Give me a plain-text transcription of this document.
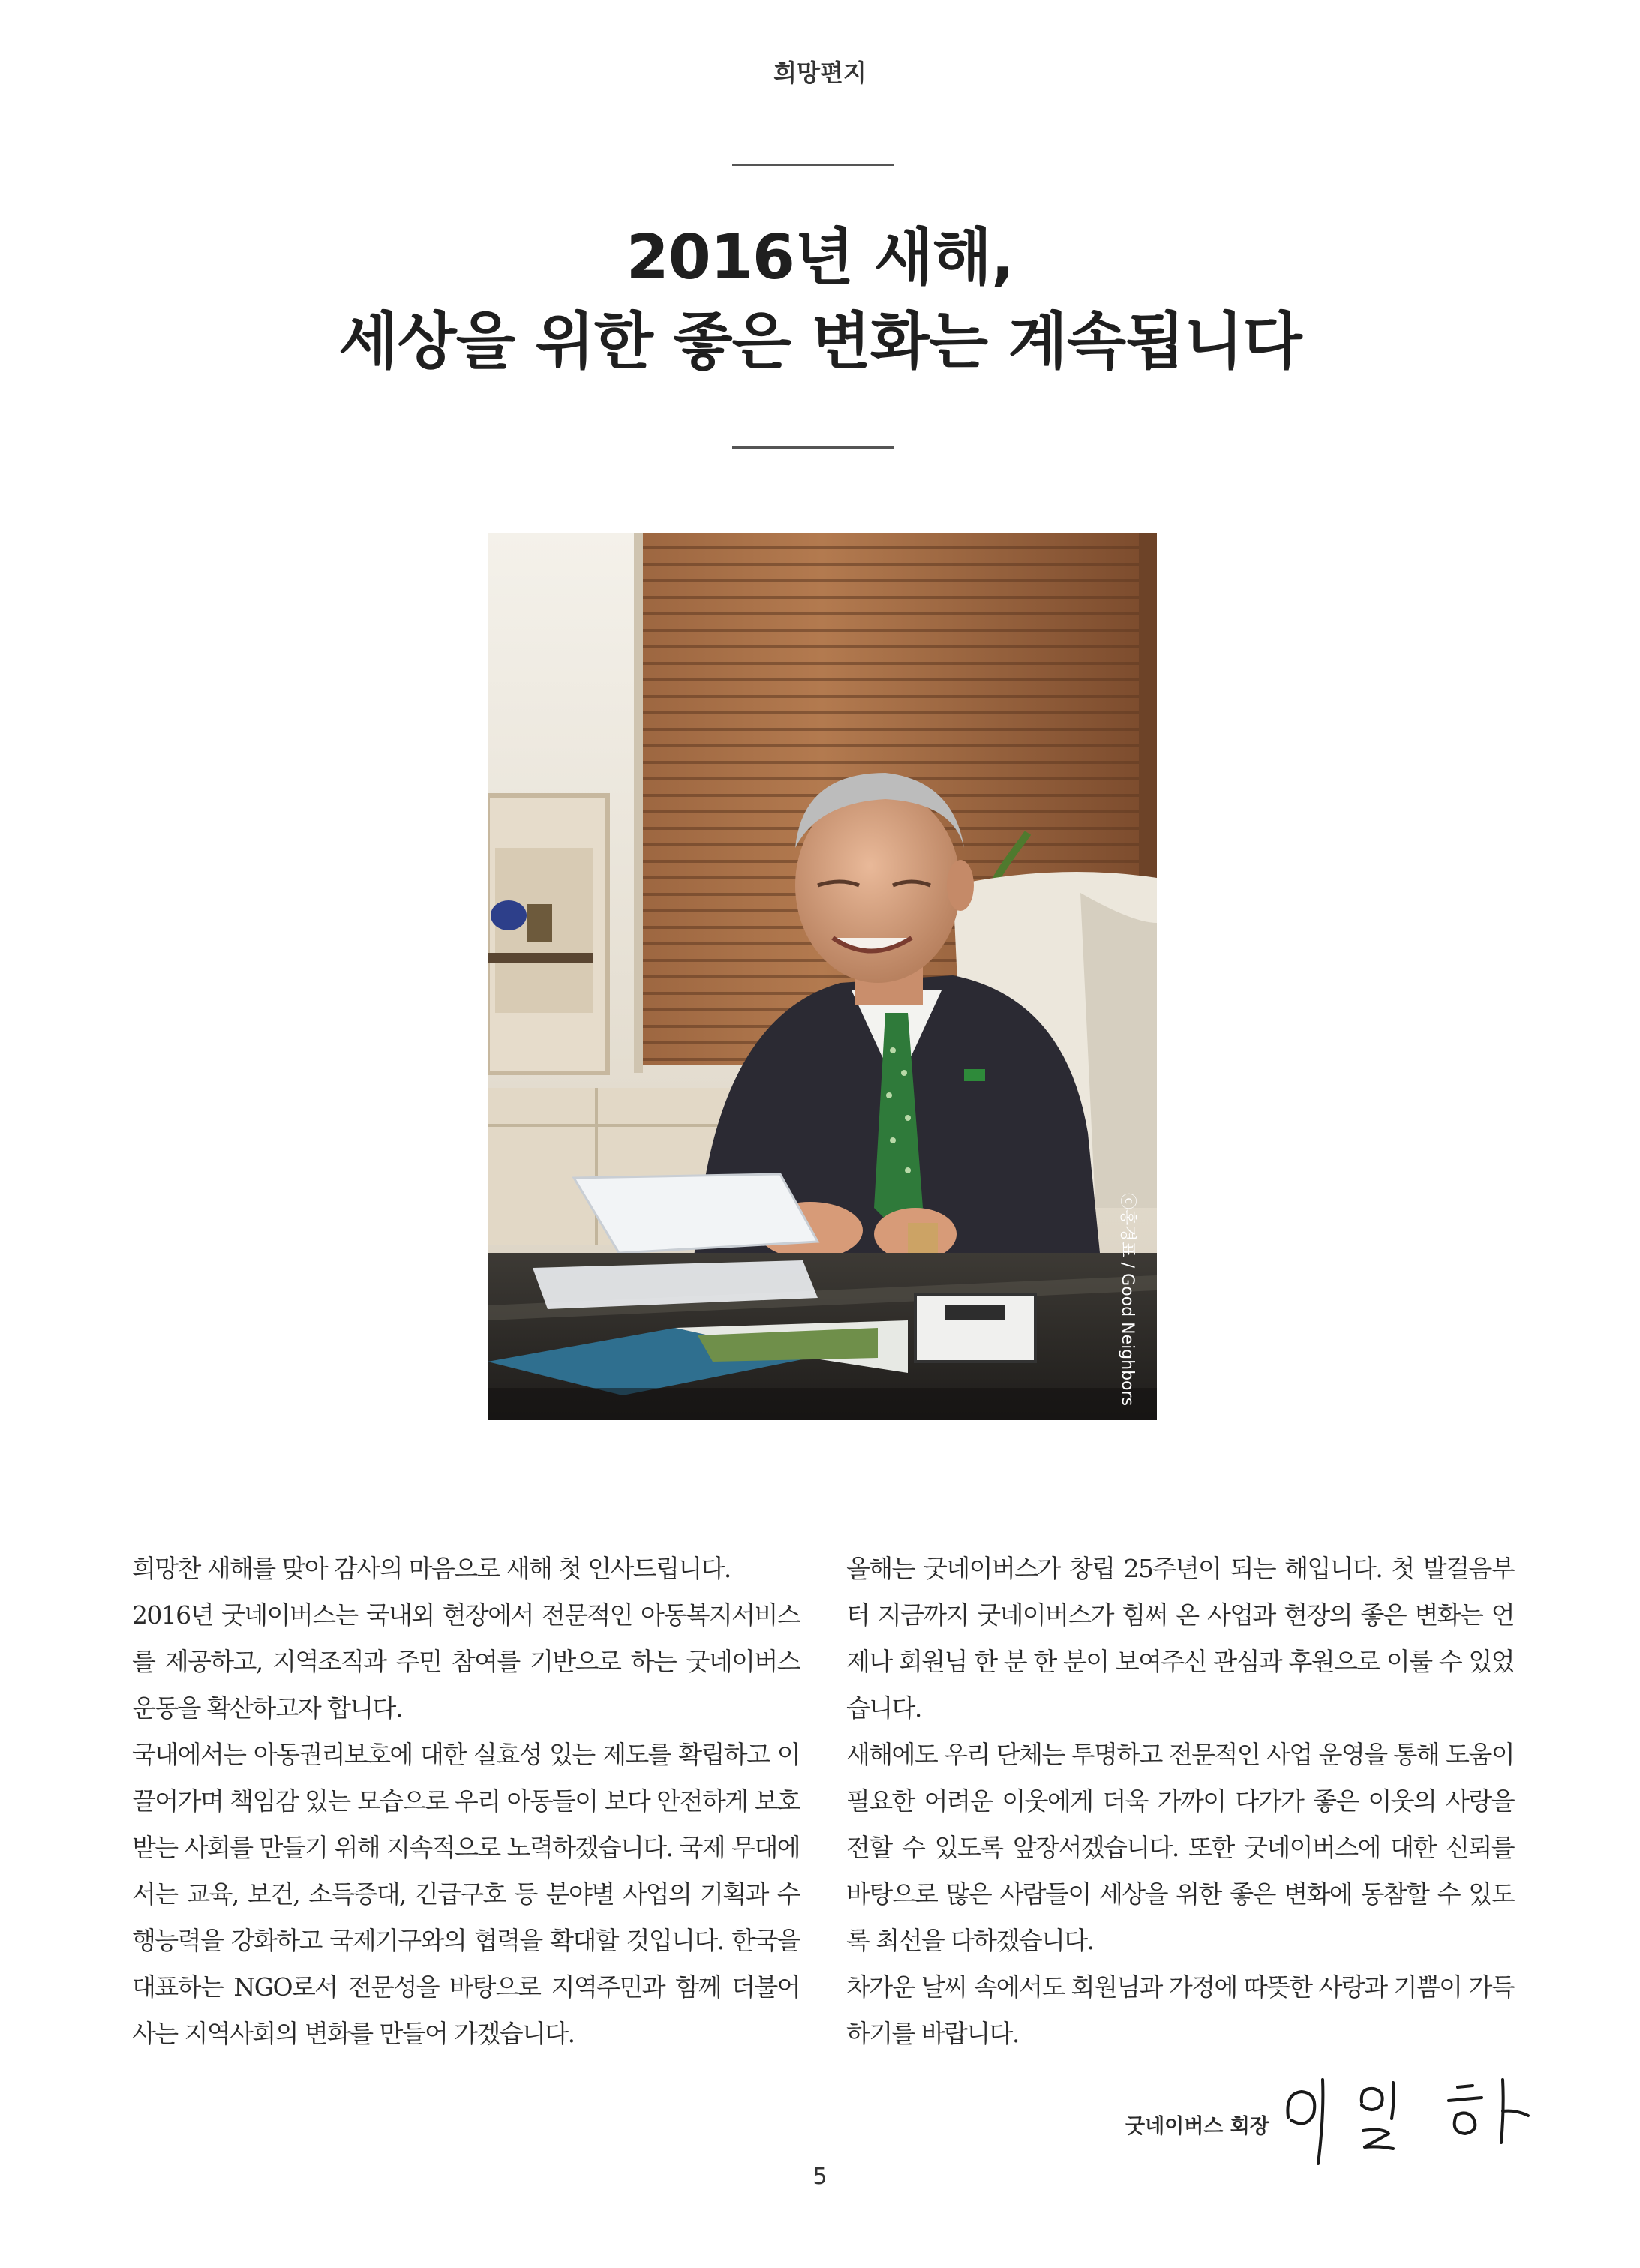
희망편지
2016년 새해,
세상을 위한 좋은 변화는 계속됩니다
ⓒ홍경표 / Good Neighbors

희망찬 새해를 맞아 감사의 마음으로 새해 첫 인사드립니다.

2016년 굿네이버스는 국내외 현장에서 전문적인 아동복지서비스를 제공하고, 지역조직과 주민 참여를 기반으로 하는 굿네이버스 운동을 확산하고자 합니다.

국내에서는 아동권리보호에 대한 실효성 있는 제도를 확립하고 이끌어가며 책임감 있는 모습으로 우리 아동들이 보다 안전하게 보호받는 사회를 만들기 위해 지속적으로 노력하겠습니다. 국제 무대에서는 교육, 보건, 소득증대, 긴급구호 등 분야별 사업의 기획과 수행능력을 강화하고 국제기구와의 협력을 확대할 것입니다. 한국을 대표하는 NGO로서 전문성을 바탕으로 지역주민과 함께 더불어 사는 지역사회의 변화를 만들어 가겠습니다.

올해는 굿네이버스가 창립 25주년이 되는 해입니다. 첫 발걸음부터 지금까지 굿네이버스가 힘써 온 사업과 현장의 좋은 변화는 언제나 회원님 한 분 한 분이 보여주신 관심과 후원으로 이룰 수 있었습니다.

새해에도 우리 단체는 투명하고 전문적인 사업 운영을 통해 도움이 필요한 어려운 이웃에게 더욱 가까이 다가가 좋은 이웃의 사랑을 전할 수 있도록 앞장서겠습니다. 또한 굿네이버스에 대한 신뢰를 바탕으로 많은 사람들이 세상을 위한 좋은 변화에 동참할 수 있도록 최선을 다하겠습니다.

차가운 날씨 속에서도 회원님과 가정에 따뜻한 사랑과 기쁨이 가득하기를 바랍니다.

굿네이버스 회장
5
